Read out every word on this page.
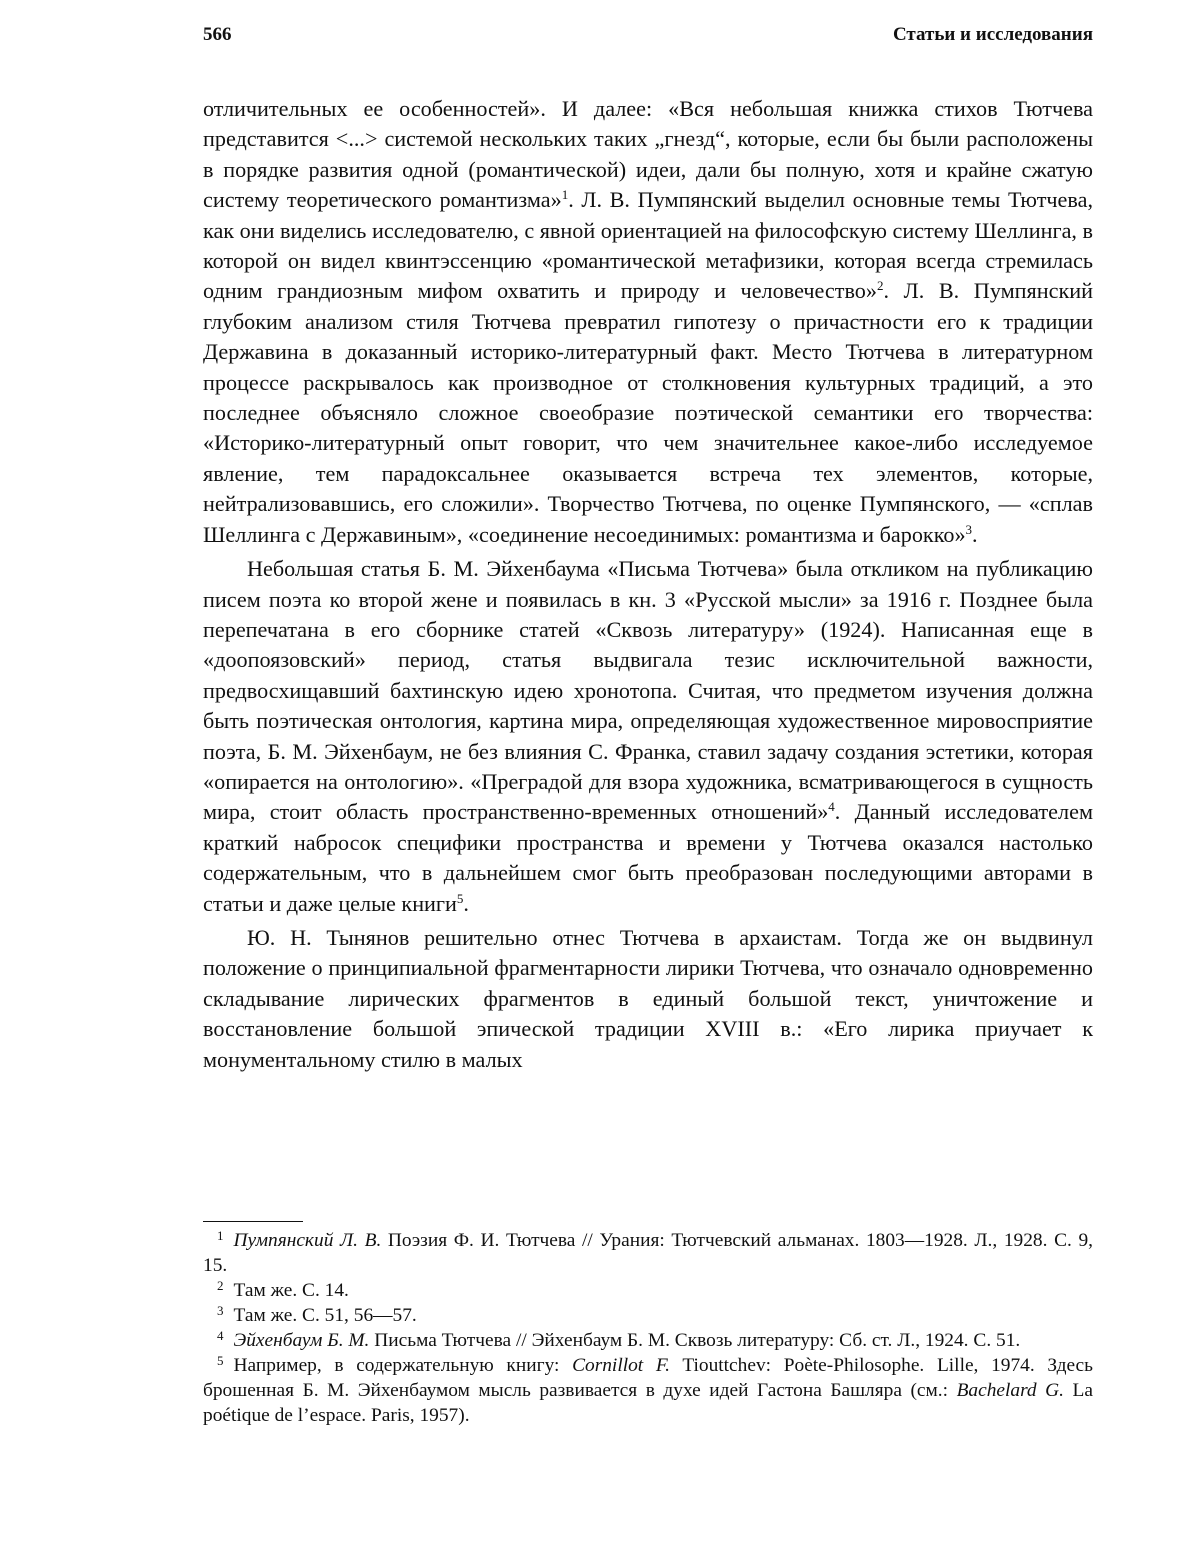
566	Статьи и исследования

отличительных ее особенностей». И далее: «Вся небольшая книжка стихов Тютчева представится <...> системой нескольких таких „гнезд“, которые, если бы были расположены в порядке развития одной (романтической) идеи, дали бы полную, хотя и крайне сжатую систему теоретического романтизма»$^1$. Л. В. Пумпянский выделил основные темы Тютчева, как они виделись исследователю, с явной ориентацией на философскую систему Шеллинга, в которой он видел квинтэссенцию «романтической метафизики, которая всегда стремилась одним грандиозным мифом охватить и природу и человечество»$^2$. Л. В. Пумпянский глубоким анализом стиля Тютчева превратил гипотезу о причастности его к традиции Державина в доказанный историко-литературный факт. Место Тютчева в литературном процессе раскрывалось как производное от столкновения культурных традиций, а это последнее объясняло сложное своеобразие поэтической семантики его творчества: «Историко-литературный опыт говорит, что чем значительнее какое-либо исследуемое явление, тем парадоксальнее оказывается встреча тех элементов, которые, нейтрализовавшись, его сложили». Творчество Тютчева, по оценке Пумпянского, — «сплав Шеллинга с Державиным», «соединение несоединимых: романтизма и барокко»$^3$.

Небольшая статья Б. М. Эйхенбаума «Письма Тютчева» была откликом на публикацию писем поэта ко второй жене и появилась в кн. 3 «Русской мысли» за 1916 г. Позднее была перепечатана в его сборнике статей «Сквозь литературу» (1924). Написанная еще в «доопоязовский» период, статья выдвигала тезис исключительной важности, предвосхищавший бахтинскую идею хронотопа. Считая, что предметом изучения должна быть поэтическая онтология, картина мира, определяющая художественное мировосприятие поэта, Б. М. Эйхенбаум, не без влияния С. Франка, ставил задачу создания эстетики, которая «опирается на онтологию». «Преградой для взора художника, всматривающегося в сущность мира, стоит область пространственно-временных отношений»$^4$. Данный исследователем краткий набросок специфики пространства и времени у Тютчева оказался настолько содержательным, что в дальнейшем смог быть преобразован последующими авторами в статьи и даже целые книги$^5$.

Ю. Н. Тынянов решительно отнес Тютчева в архаистам. Тогда же он выдвинул положение о принципиальной фрагментарности лирики Тютчева, что означало одновременно складывание лирических фрагментов в единый большой текст, уничтожение и восстановление большой эпической традиции XVIII в.: «Его лирика приучает к монументальному стилю в малых

$^1$ Пумпянский Л. В. Поэзия Ф. И. Тютчева // Урания: Тютчевский альманах. 1803—1928. Л., 1928. С. 9, 15.

$^2$ Там же. С. 14.

$^3$ Там же. С. 51, 56—57.

$^4$ Эйхенбаум Б. М. Письма Тютчева // Эйхенбаум Б. М. Сквозь литературу: Сб. ст. Л., 1924. С. 51.

$^5$ Например, в содержательную книгу: Cornillot F. Tiouttchev: Poète-Philosophe. Lille, 1974. Здесь брошенная Б. М. Эйхенбаумом мысль развивается в духе идей Гастона Башляра (см.: Bachelard G. La poétique de l’espace. Paris, 1957).
